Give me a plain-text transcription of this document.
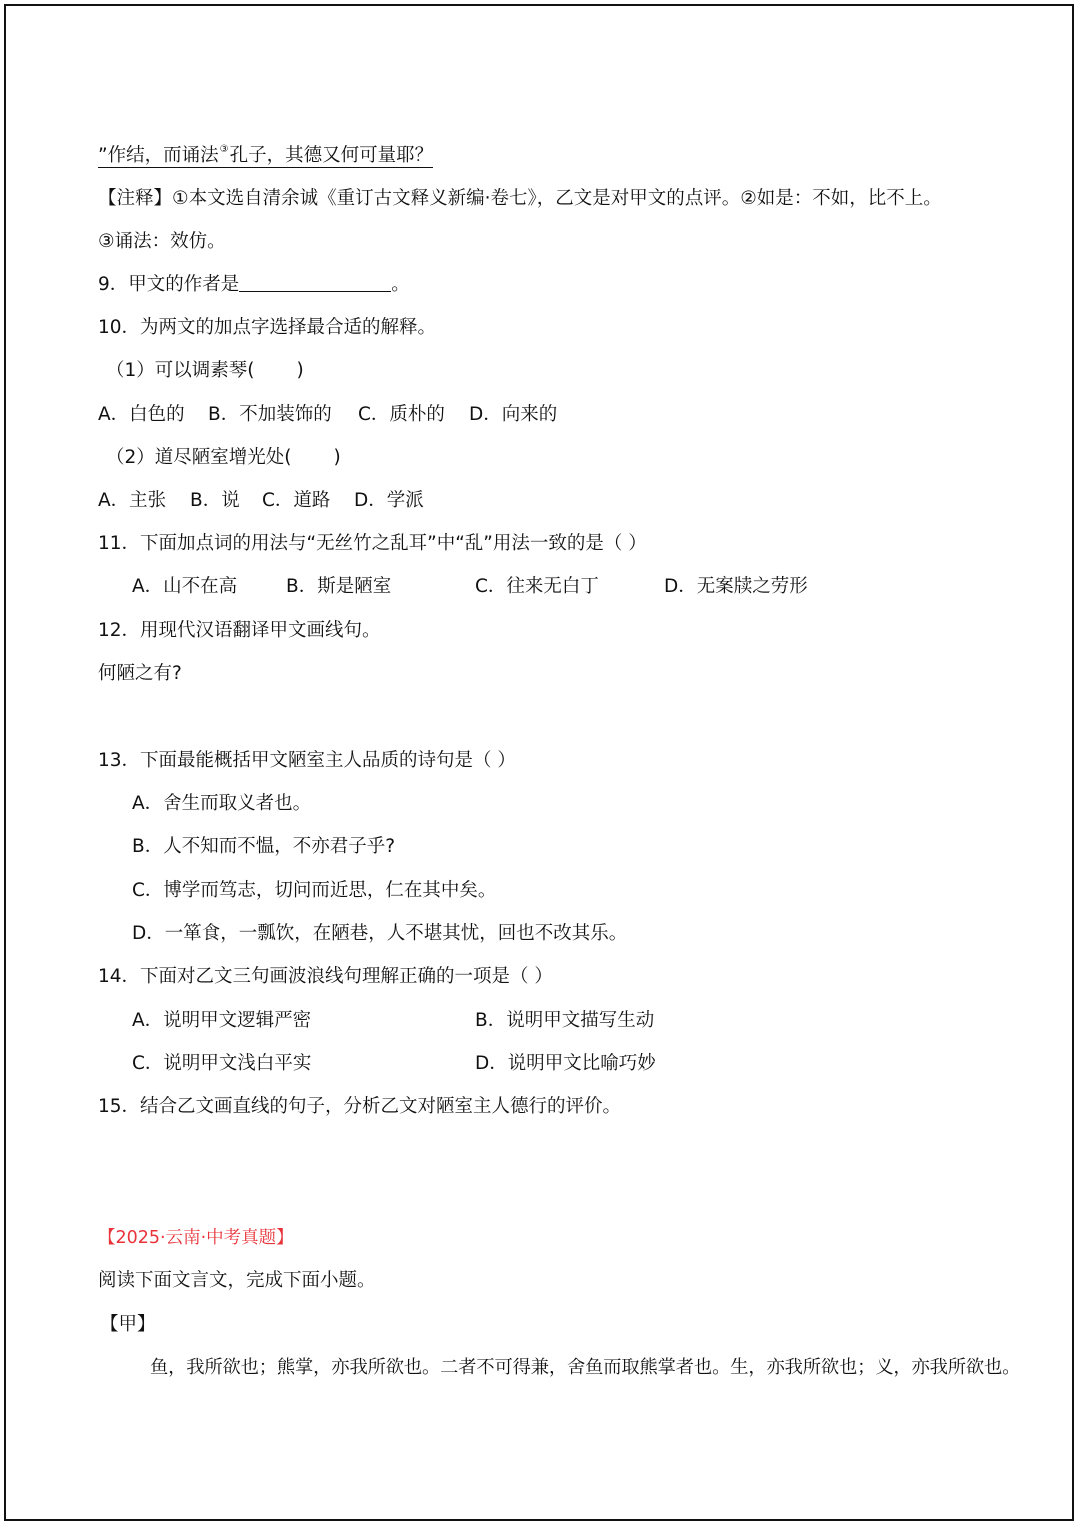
”作结，而诵法③孔子，其德又何可量耶？
【注释】①本文选自清余诚《重订古文释义新编·卷七》，乙文是对甲文的点评。②如是：不如，比不上。
③诵法：效仿。
9．甲文的作者是	。
10．为两文的加点字选择最合适的解释。
（1）可以调素琴( )
A．白色的 B．不加装饰的 C．质朴的 D．向来的
（2）道尽陋室增光处( )
A．主张 B．说 C．道路 D．学派
11．下面加点词的用法与“无丝竹之乱耳”中“乱”用法一致的是（ ）
A．山不在高	B．斯是陋室	C．往来无白丁	D．无案牍之劳形
12．用现代汉语翻译甲文画线句。
何陋之有?
13．下面最能概括甲文陋室主人品质的诗句是（ ）
A．舍生而取义者也。
B．人不知而不愠，不亦君子乎?
C．博学而笃志，切问而近思，仁在其中矣。
D．一箪食，一瓢饮，在陋巷，人不堪其忧，回也不改其乐。
14．下面对乙文三句画波浪线句理解正确的一项是（ ）
A．说明甲文逻辑严密	B．说明甲文描写生动
C．说明甲文浅白平实	D．说明甲文比喻巧妙
15．结合乙文画直线的句子，分析乙文对陋室主人德行的评价。
【2025·云南·中考真题】
阅读下面文言文，完成下面小题。
【甲】
鱼，我所欲也；熊掌，亦我所欲也。二者不可得兼，舍鱼而取熊掌者也。生，亦我所欲也；义，亦我所欲也。
